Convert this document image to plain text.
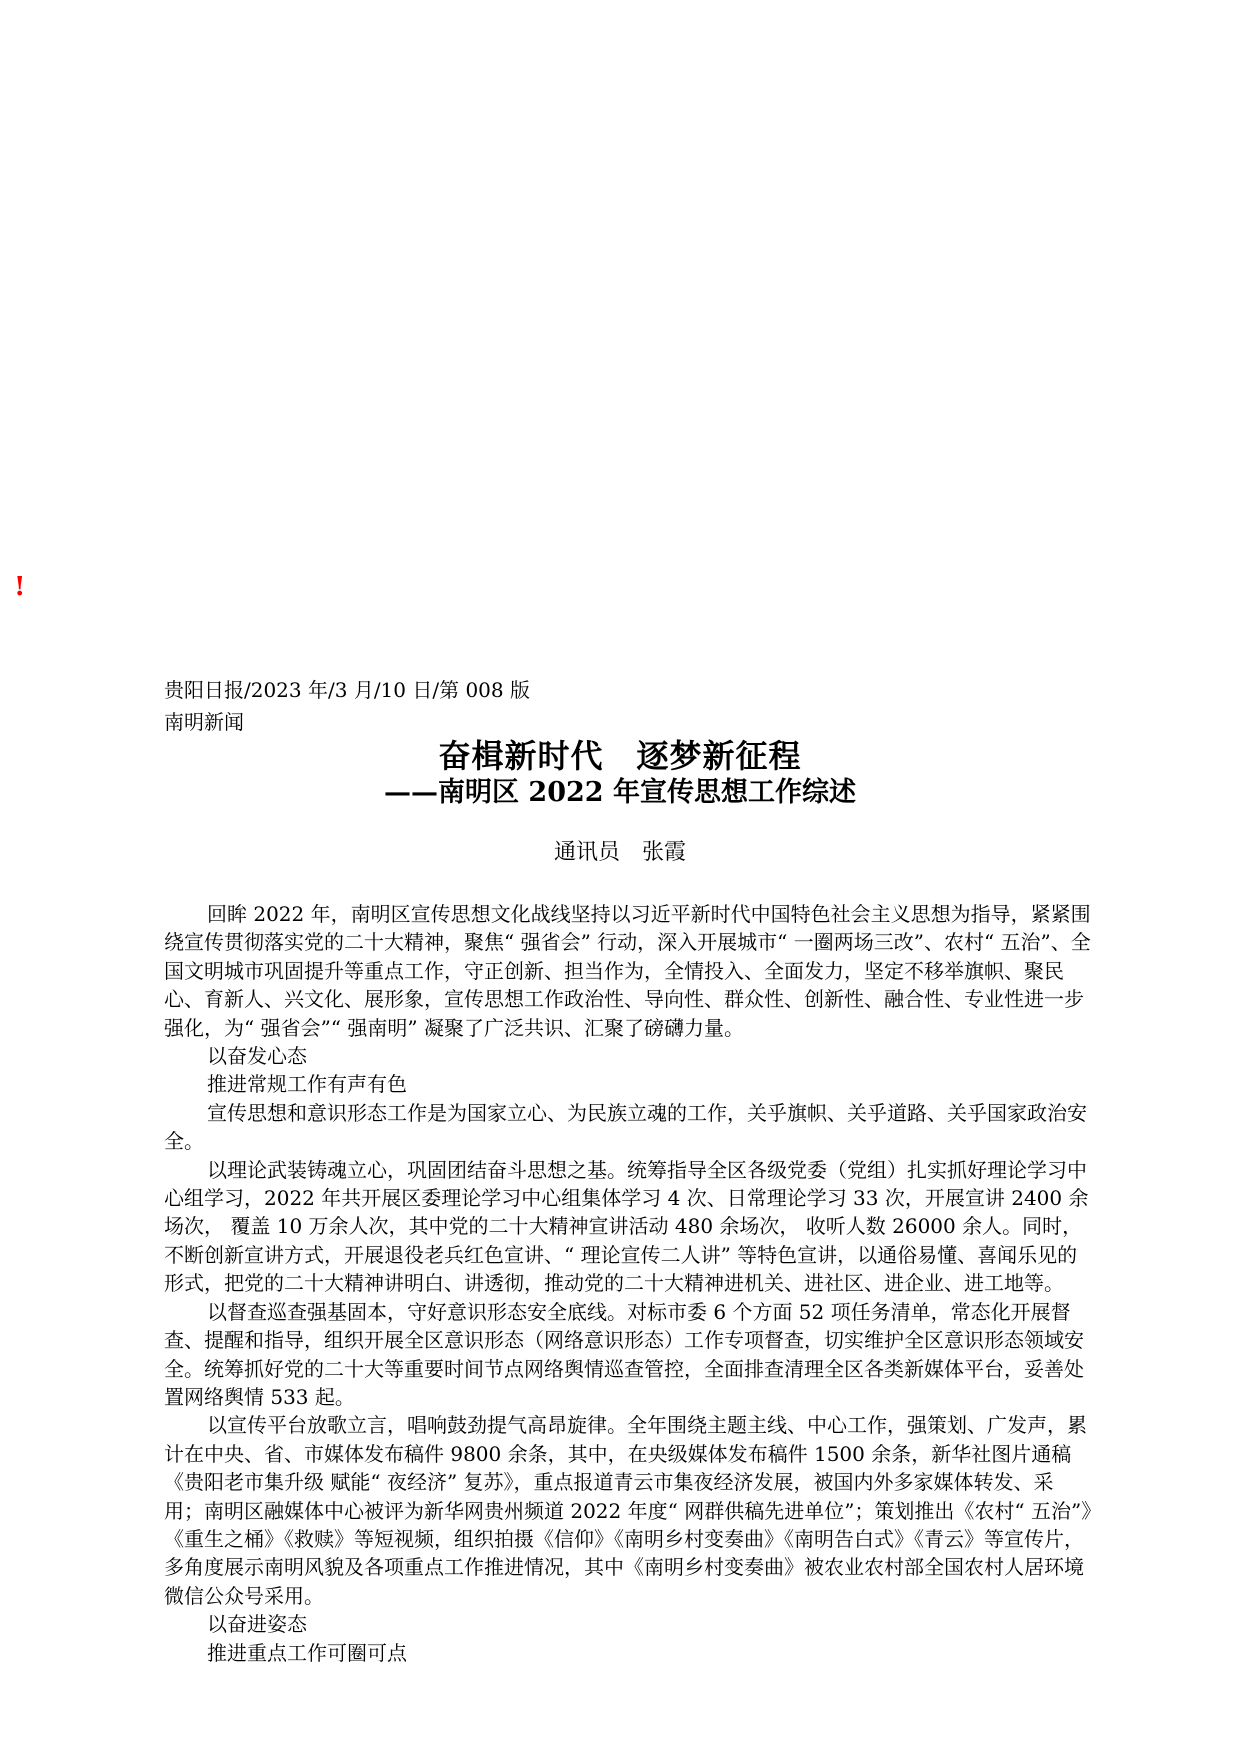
!
贵阳日报/2023 年/3 月/10 日/第 008 版南明新闻
奋楫新时代　逐梦新征程
——南明区 2022 年宣传思想工作综述
通讯员　张霞

回眸 2022 年，南明区宣传思想文化战线坚持以习近平新时代中国特色社会主义思想为指导，紧紧围绕宣传贯彻落实党的二十大精神，聚焦“ 强省会” 行动，深入开展城市“ 一圈两场三改”、农村“ 五治”、全国文明城市巩固提升等重点工作，守正创新、担当作为，全情投入、全面发力，坚定不移举旗帜、聚民心、育新人、兴文化、展形象，宣传思想工作政治性、导向性、群众性、创新性、融合性、专业性进一步强化，为“ 强省会”“ 强南明” 凝聚了广泛共识、汇聚了磅礴力量。

以奋发心态

推进常规工作有声有色

宣传思想和意识形态工作是为国家立心、为民族立魂的工作，关乎旗帜、关乎道路、关乎国家政治安全。

以理论武装铸魂立心，巩固团结奋斗思想之基。统筹指导全区各级党委（党组）扎实抓好理论学习中心组学习，2022 年共开展区委理论学习中心组集体学习 4 次、日常理论学习 33 次，开展宣讲 2400 余场次， 覆盖 10 万余人次，其中党的二十大精神宣讲活动 480 余场次， 收听人数 26000 余人。同时，不断创新宣讲方式，开展退役老兵红色宣讲、“ 理论宣传二人讲” 等特色宣讲，以通俗易懂、喜闻乐见的形式，把党的二十大精神讲明白、讲透彻，推动党的二十大精神进机关、进社区、进企业、进工地等。

以督查巡查强基固本，守好意识形态安全底线。对标市委 6 个方面 52 项任务清单，常态化开展督查、提醒和指导，组织开展全区意识形态（网络意识形态）工作专项督查，切实维护全区意识形态领域安全。统筹抓好党的二十大等重要时间节点网络舆情巡查管控，全面排查清理全区各类新媒体平台，妥善处置网络舆情 533 起。

以宣传平台放歌立言，唱响鼓劲提气高昂旋律。全年围绕主题主线、中心工作，强策划、广发声，累计在中央、省、市媒体发布稿件 9800 余条，其中，在央级媒体发布稿件 1500 余条，新华社图片通稿《贵阳老市集升级 赋能“ 夜经济” 复苏》，重点报道青云市集夜经济发展，被国内外多家媒体转发、采用；南明区融媒体中心被评为新华网贵州频道 2022 年度“ 网群供稿先进单位”；策划推出《农村“ 五治”》《重生之桶》《救赎》等短视频，组织拍摄《信仰》《南明乡村变奏曲》《南明告白式》《青云》等宣传片，多角度展示南明风貌及各项重点工作推进情况，其中《南明乡村变奏曲》被农业农村部全国农村人居环境微信公众号采用。

以奋进姿态

推进重点工作可圈可点
